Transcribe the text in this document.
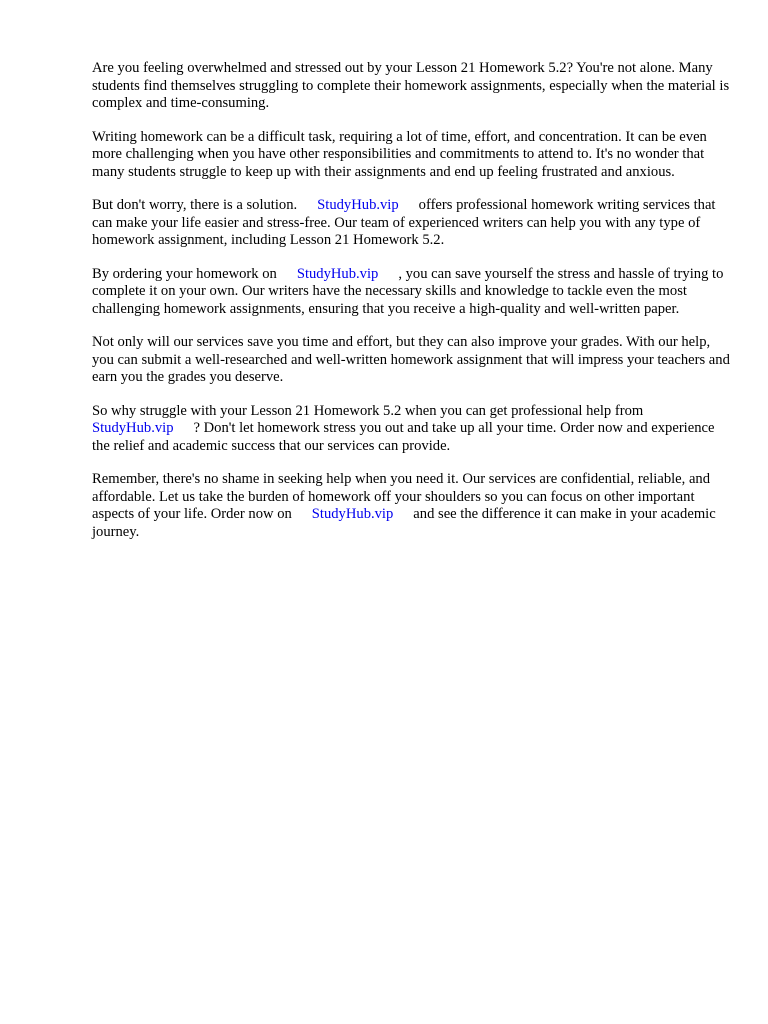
Are you feeling overwhelmed and stressed out by your Lesson 21 Homework 5.2? You're not alone. Many students find themselves struggling to complete their homework assignments, especially when the material is complex and time-consuming.

Writing homework can be a difficult task, requiring a lot of time, effort, and concentration. It can be even more challenging when you have other responsibilities and commitments to attend to. It's no wonder that many students struggle to keep up with their assignments and end up feeling frustrated and anxious.

But don't worry, there is a solution. StudyHub.vip offers professional homework writing services that can make your life easier and stress-free. Our team of experienced writers can help you with any type of homework assignment, including Lesson 21 Homework 5.2.

By ordering your homework on StudyHub.vip , you can save yourself the stress and hassle of trying to complete it on your own. Our writers have the necessary skills and knowledge to tackle even the most challenging homework assignments, ensuring that you receive a high-quality and well-written paper.

Not only will our services save you time and effort, but they can also improve your grades. With our help, you can submit a well-researched and well-written homework assignment that will impress your teachers and earn you the grades you deserve.

So why struggle with your Lesson 21 Homework 5.2 when you can get professional help from
StudyHub.vip ? Don't let homework stress you out and take up all your time. Order now and experience the relief and academic success that our services can provide.

Remember, there's no shame in seeking help when you need it. Our services are confidential, reliable, and affordable. Let us take the burden of homework off your shoulders so you can focus on other important aspects of your life. Order now on StudyHub.vip and see the difference it can make in your academic journey.
